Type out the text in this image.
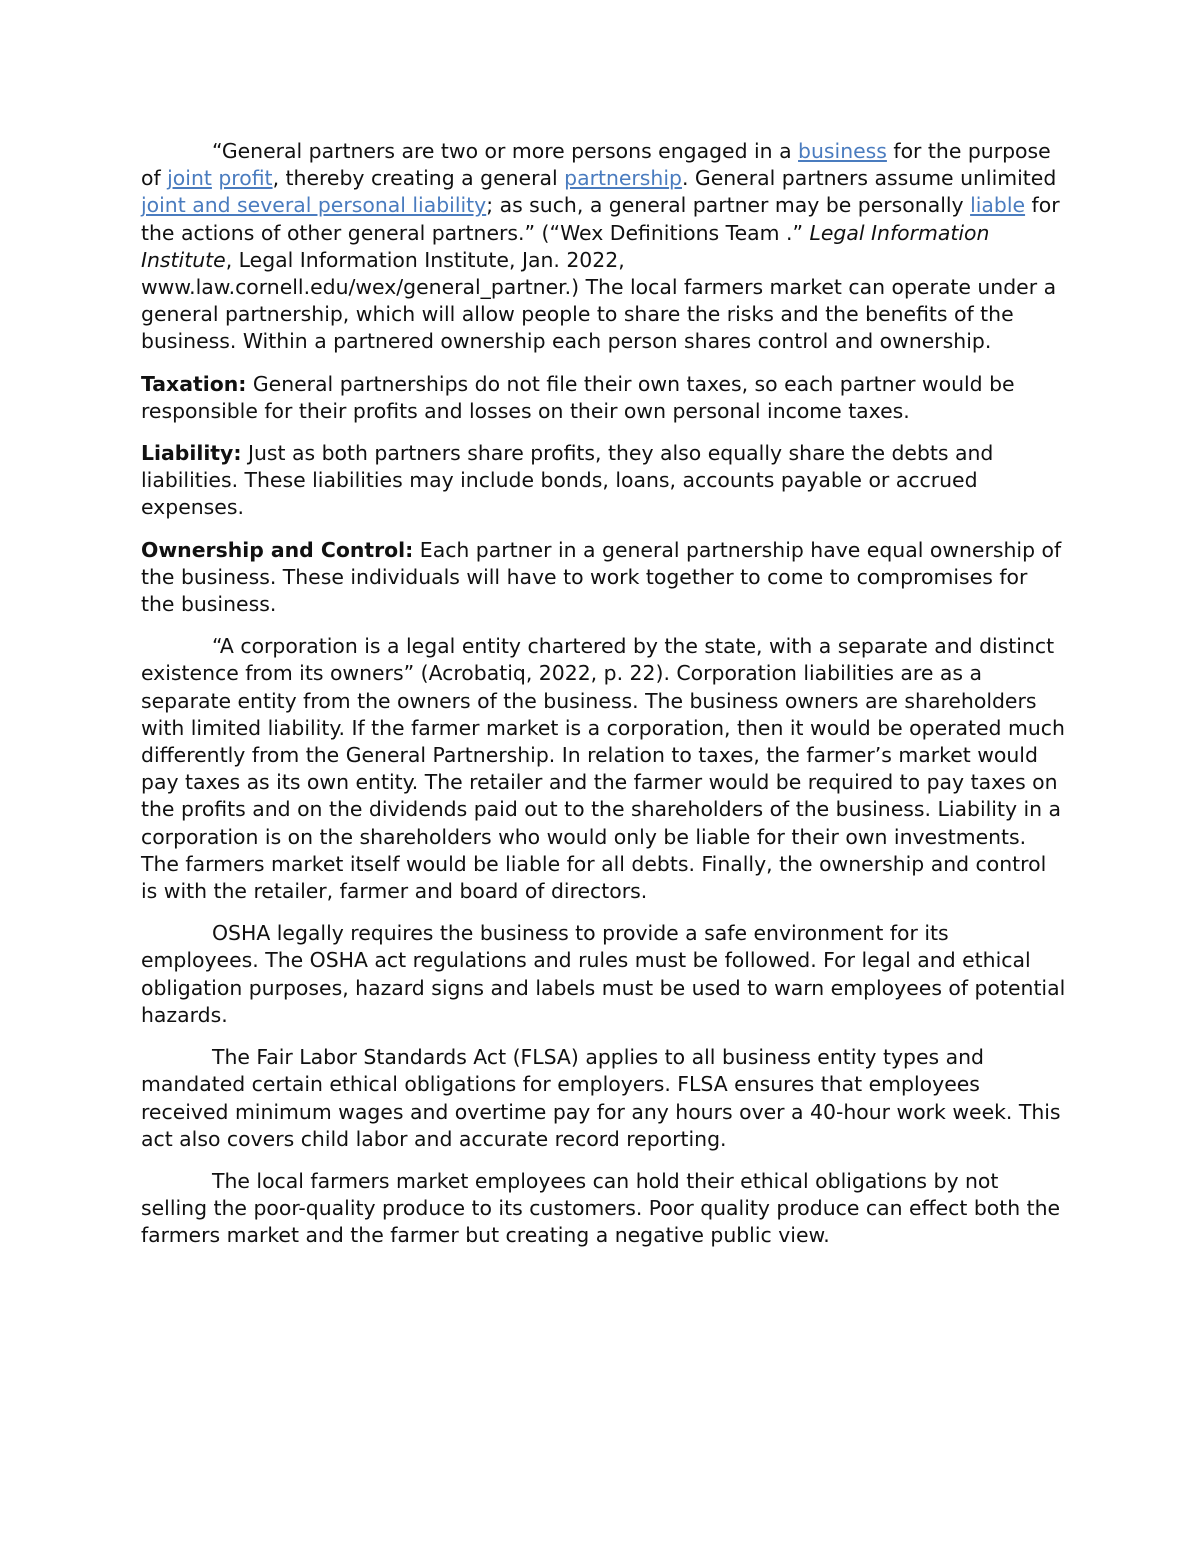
“General partners are two or more persons engaged in a business for the purpose of joint profit, thereby creating a general partnership. General partners assume unlimited joint and several personal liability; as such, a general partner may be personally liable for the actions of other general partners.” (“Wex Definitions Team .” Legal Information Institute, Legal Information Institute, Jan. 2022, www.law.cornell.edu/wex/general_partner.) The local farmers market can operate under a general partnership, which will allow people to share the risks and the benefits of the business. Within a partnered ownership each person shares control and ownership.

Taxation: General partnerships do not file their own taxes, so each partner would be responsible for their profits and losses on their own personal income taxes.

Liability: Just as both partners share profits, they also equally share the debts and liabilities. These liabilities may include bonds, loans, accounts payable or accrued expenses.

Ownership and Control: Each partner in a general partnership have equal ownership of the business. These individuals will have to work together to come to compromises for the business.

“A corporation is a legal entity chartered by the state, with a separate and distinct existence from its owners” (Acrobatiq, 2022, p. 22). Corporation liabilities are as a separate entity from the owners of the business. The business owners are shareholders with limited liability. If the farmer market is a corporation, then it would be operated much differently from the General Partnership. In relation to taxes, the farmer’s market would pay taxes as its own entity. The retailer and the farmer would be required to pay taxes on the profits and on the dividends paid out to the shareholders of the business. Liability in a corporation is on the shareholders who would only be liable for their own investments. The farmers market itself would be liable for all debts. Finally, the ownership and control is with the retailer, farmer and board of directors.

OSHA legally requires the business to provide a safe environment for its employees. The OSHA act regulations and rules must be followed. For legal and ethical obligation purposes, hazard signs and labels must be used to warn employees of potential hazards.

The Fair Labor Standards Act (FLSA) applies to all business entity types and mandated certain ethical obligations for employers. FLSA ensures that employees received minimum wages and overtime pay for any hours over a 40-hour work week. This act also covers child labor and accurate record reporting.

The local farmers market employees can hold their ethical obligations by not selling the poor-quality produce to its customers. Poor quality produce can effect both the farmers market and the farmer but creating a negative public view.
